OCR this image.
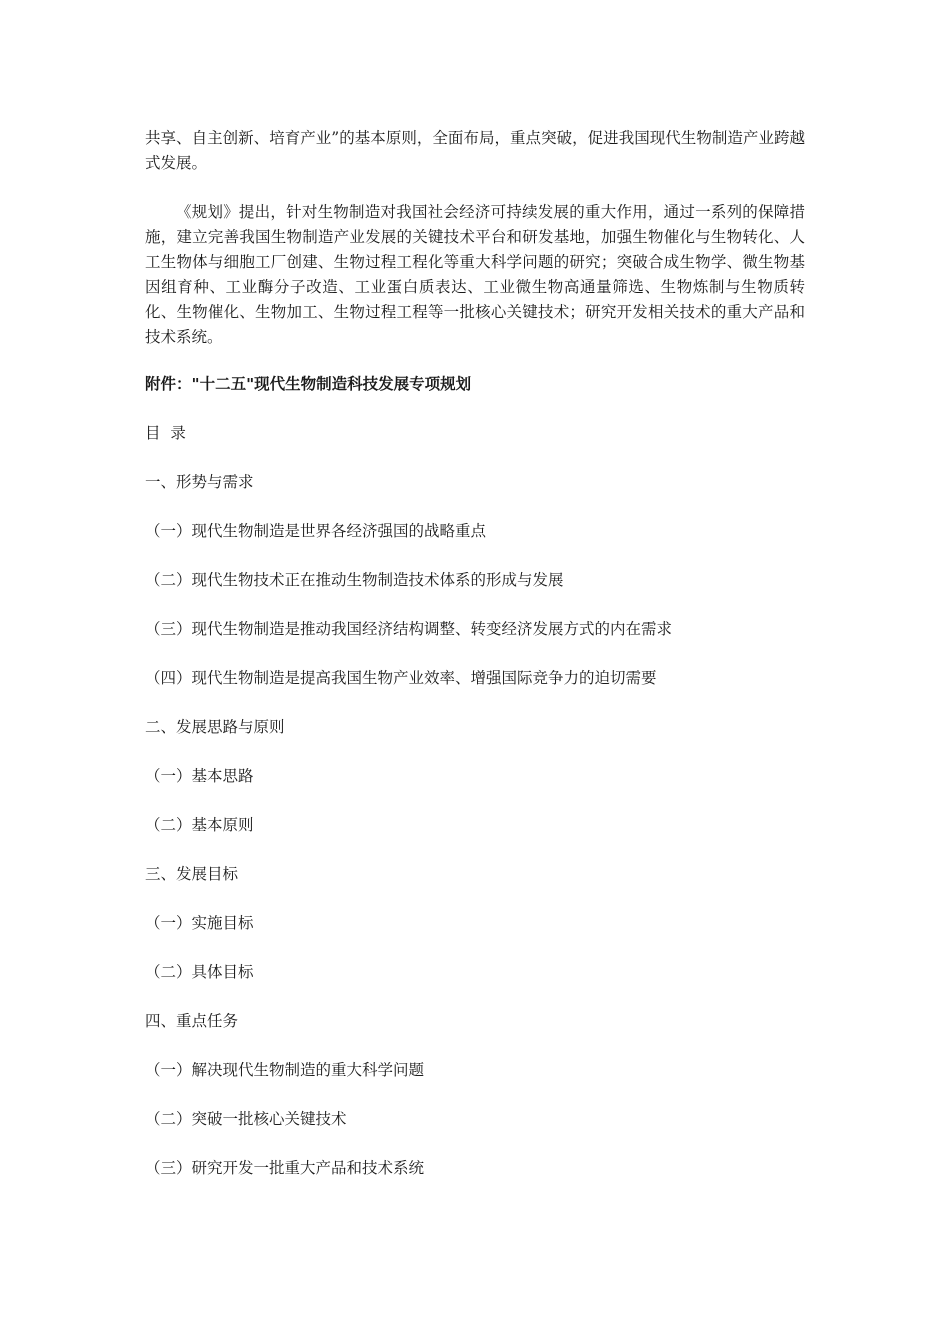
共享、自主创新、培育产业”的基本原则，全面布局，重点突破，促进我国现代生物制造产业跨越式发展。

《规划》提出，针对生物制造对我国社会经济可持续发展的重大作用，通过一系列的保障措施，建立完善我国生物制造产业发展的关键技术平台和研发基地，加强生物催化与生物转化、人工生物体与细胞工厂创建、生物过程工程化等重大科学问题的研究；突破合成生物学、微生物基因组育种、工业酶分子改造、工业蛋白质表达、工业微生物高通量筛选、生物炼制与生物质转化、生物催化、生物加工、生物过程工程等一批核心关键技术；研究开发相关技术的重大产品和技术系统。

附件："十二五"现代生物制造科技发展专项规划

目  录

一、形势与需求
（一）现代生物制造是世界各经济强国的战略重点
（二）现代生物技术正在推动生物制造技术体系的形成与发展
（三）现代生物制造是推动我国经济结构调整、转变经济发展方式的内在需求
（四）现代生物制造是提高我国生物产业效率、增强国际竞争力的迫切需要
二、发展思路与原则
（一）基本思路
（二）基本原则
三、发展目标
（一）实施目标
（二）具体目标
四、重点任务
（一）解决现代生物制造的重大科学问题
（二）突破一批核心关键技术
（三）研究开发一批重大产品和技术系统
